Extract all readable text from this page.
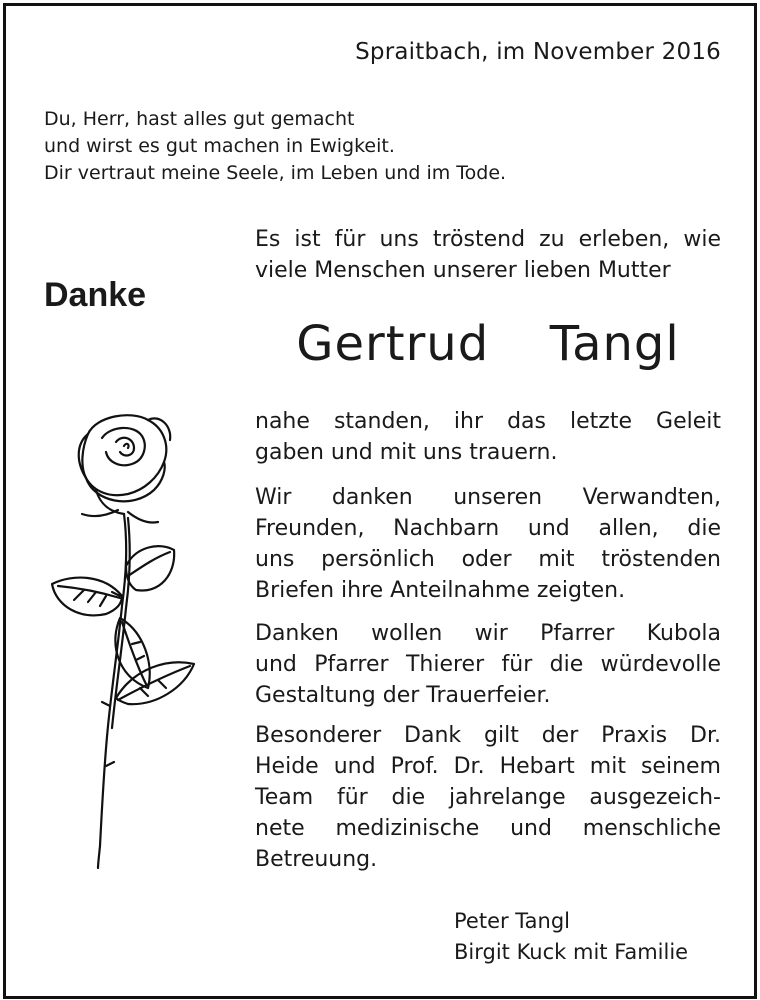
Spraitbach, im November 2016
Du, Herr, hast alles gut gemacht
und wirst es gut machen in Ewigkeit.
Dir vertraut meine Seele, im Leben und im Tode.
Danke

Es ist für uns tröstend zu erleben, wie

viele Menschen unserer lieben Mutter

Gertrud  Tangl

nahe standen, ihr das letzte Geleit

gaben und mit uns trauern.

Wir danken unseren Verwandten,

Freunden, Nachbarn und allen, die

uns persönlich oder mit tröstenden

Briefen ihre Anteilnahme zeigten.

Danken wollen wir Pfarrer Kubola

und Pfarrer Thierer für die würdevolle

Gestaltung der Trauerfeier.

Besonderer Dank gilt der Praxis Dr.

Heide und Prof. Dr. Hebart mit seinem

Team für die jahrelange ausgezeich-

nete medizinische und menschliche

Betreuung.

Peter Tangl
Birgit Kuck mit Familie
